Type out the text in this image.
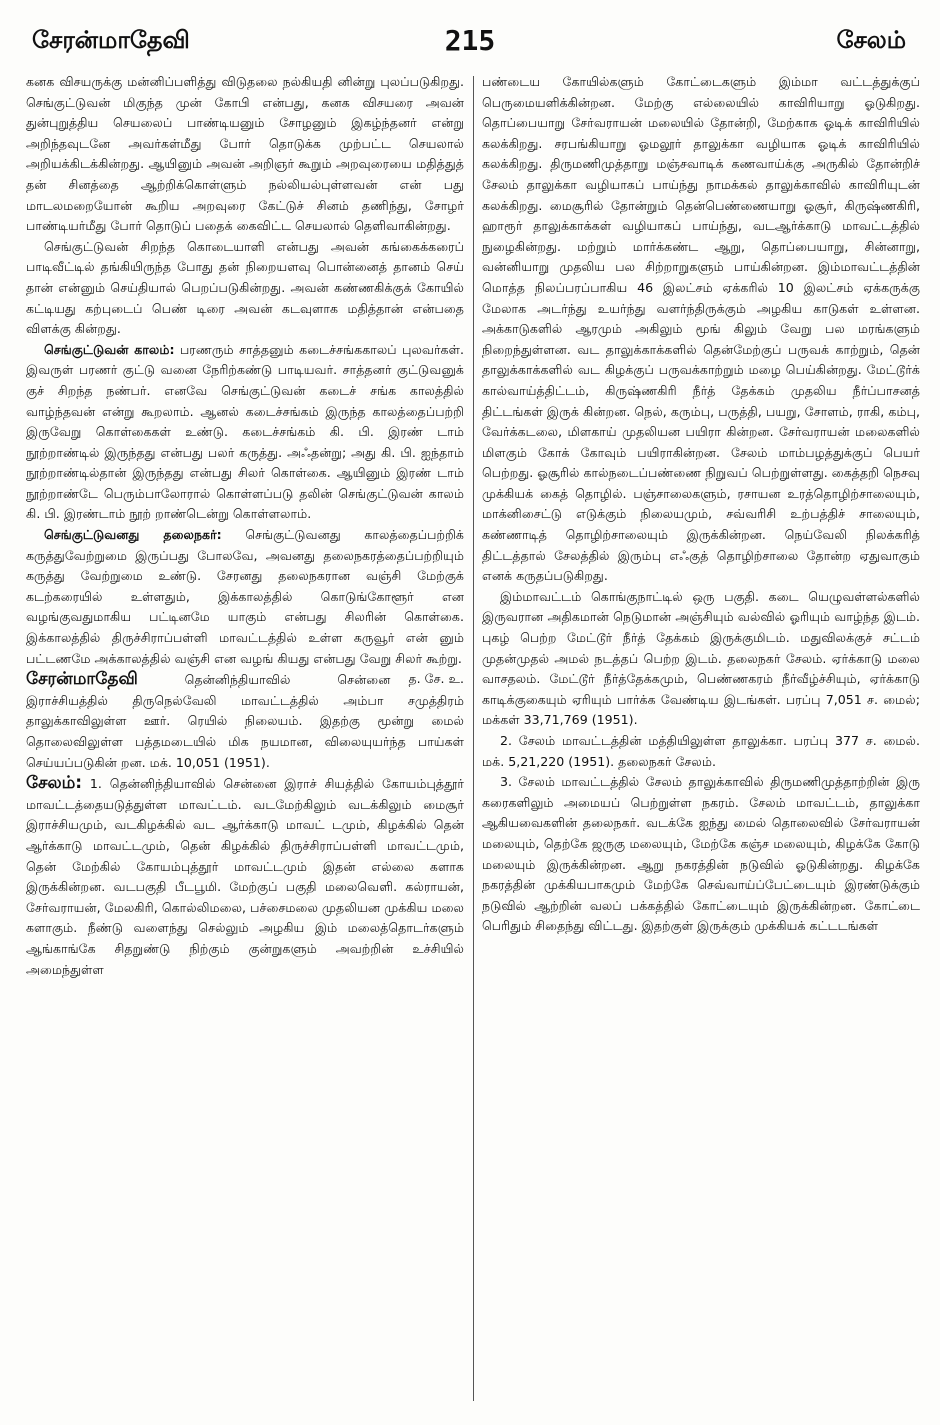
சேரன்மாதேவி	215	சேலம்

கனக விசயருக்கு மன்னிப்பளித்து விடுதலை நல்கியதி னின்று புலப்படுகிறது. செங்குட்டுவன் மிகுந்த முன் கோபி என்பது, கனக விசயரை அவன் துன்புறுத்திய செயலைப் பாண்டியனும் சோழனும் இகழ்ந்தனர் என்று அறிந்தவுடனே அவர்கள்மீது போர் தொடுக்க முற்பட்ட செயலால் அறியக்கிடக்கின்றது. ஆயினும் அவன் அறிஞர் கூறும் அறவுரையை மதித்துத் தன் சினத்தை ஆற்றிக்கொள்ளும் நல்லியல்புள்ளவன் என் பது மாடலமறையோன் கூறிய அறவுரை கேட்டுச் சினம் தணிந்து, சோழர் பாண்டியர்மீது போர் தொடுப் பதைக் கைவிட்ட செயலால் தெளிவாகின்றது.

செங்குட்டுவன் சிறந்த கொடையாளி என்பது அவன் கங்கைக்கரைப் பாடிவீட்டில் தங்கியிருந்த போது தன் நிறையளவு பொன்னைத் தானம் செய் தான் என்னும் செய்தியால் பெறப்படுகின்றது. அவன் கண்ணகிக்குக் கோயில் கட்டியது கற்புடைப் பெண் டிரை அவன் கடவுளாக மதித்தான் என்பதை விளக்கு கின்றது.

செங்குட்டுவன் காலம்: பரணரும் சாத்தனும் கடைச்சங்ககாலப் புலவர்கள். இவருள் பரணர் குட்டு வனை நேரிற்கண்டு பாடியவர். சாத்தனர் குட்டுவனுக் குச் சிறந்த நண்பர். எனவே செங்குட்டுவன் கடைச் சங்க காலத்தில் வாழ்ந்தவன் என்று கூறலாம். ஆனல் கடைச்சங்கம் இருந்த காலத்தைப்பற்றி இருவேறு கொள்கைகள் உண்டு. கடைச்சங்கம் கி. பி. இரண் டாம் நூற்றாண்டில் இருந்தது என்பது பலர் கருத்து. அஃதன்று; அது கி. பி. ஐந்தாம் நூற்றாண்டில்தான் இருந்தது என்பது சிலர் கொள்கை. ஆயினும் இரண் டாம் நூற்றாண்டே பெரும்பாலோரால் கொள்ளப்படு தலின் செங்குட்டுவன் காலம் கி. பி. இரண்டாம் நூற் றாண்டென்று கொள்ளலாம்.

செங்குட்டுவனது தலைநகர்: செங்குட்டுவனது காலத்தைப்பற்றிக் கருத்துவேற்றுமை இருப்பது போலவே, அவனது தலைநகரத்தைப்பற்றியும் கருத்து வேற்றுமை உண்டு. சேரனது தலைநகரான வஞ்சி மேற்குக் கடற்கரையில் உள்ளதும், இக்காலத்தில் கொடுங்கோளூர் என வழங்குவதுமாகிய பட்டினமே யாகும் என்பது சிலரின் கொள்கை. இக்காலத்தில் திருச்சிராப்பள்ளி மாவட்டத்தில் உள்ள கருவூர் என் னும் பட்டணமே அக்காலத்தில் வஞ்சி என வழங் கியது என்பது வேறு சிலர் கூற்று.
த. சே. உ.

சேரன்மாதேவி	தென்னிந்தியாவில் சென்னை இராச்சியத்தில் திருநெல்வேலி மாவட்டத்தில் அம்பா சமுத்திரம் தாலுக்காவிலுள்ள ஊர். ரெயில் நிலையம். இதற்கு மூன்று மைல் தொலைவிலுள்ள பத்தமடையில் மிக நயமான, விலையுயர்ந்த பாய்கள் செய்யப்படுகின் றன. மக். 10,051 (1951).

சேலம்: 1. தென்னிந்தியாவில் சென்னை இராச் சியத்தில் கோயம்புத்தூர் மாவட்டத்தையடுத்துள்ள மாவட்டம். வடமேற்கிலும் வடக்கிலும் மைசூர் இராச்சியமும், வடகிழக்கில் வட ஆர்க்காடு மாவட் டமும், கிழக்கில் தென் ஆர்க்காடு மாவட்டமும், தென் கிழக்கில் திருச்சிராப்பள்ளி மாவட்டமும், தென் மேற்கில் கோயம்புத்தூர் மாவட்டமும் இதன் எல்லை களாக இருக்கின்றன. வடபகுதி பீடபூமி. மேற்குப் பகுதி மலைவெளி. கல்ராயன், சேர்வராயன், மேலகிரி, கொல்லிமலை, பச்சைமலை முதலியன முக்கிய மலை களாகும். நீண்டு வளைந்து செல்லும் அழகிய இம் மலைத்தொடர்களும் ஆங்காங்கே சிதறுண்டு நிற்கும் குன்றுகளும் அவற்றின் உச்சியில் அமைந்துள்ள

பண்டைய கோயில்களும் கோட்டைகளும் இம்மா வட்டத்துக்குப் பெருமையளிக்கின்றன. மேற்கு எல்லையில் காவிரியாறு ஓடுகிறது. தொப்பையாறு சேர்வராயன் மலையில் தோன்றி, மேற்காக ஓடிக் காவிரியில் கலக்கிறது. சரபங்கியாறு ஓமலூர் தாலுக்கா வழியாக ஓடிக் காவிரியில் கலக்கிறது. திருமணிமுத்தாறு மஞ்சவாடிக் கணவாய்க்கு அருகில் தோன்றிச் சேலம் தாலுக்கா வழியாகப் பாய்ந்து நாமக்கல் தாலுக்காவில் காவிரியுடன் கலக்கிறது. மைசூரில் தோன்றும் தென்பெண்ணையாறு ஓசூர், கிருஷ்ணகிரி, ஹாரூர் தாலுக்காக்கள் வழியாகப் பாய்ந்து, வடஆர்க்காடு மாவட்டத்தில் நுழைகின்றது. மற்றும் மார்க்கண்ட ஆறு, தொப்பையாறு, சின்னாறு, வன்னியாறு முதலிய பல சிற்றாறுகளும் பாய்கின்றன. இம்மாவட்டத்தின் மொத்த நிலப்பரப்பாகிய 46 இலட்சம் ஏக்கரில் 10 இலட்சம் ஏக்கருக்கு மேலாக அடர்ந்து உயர்ந்து வளர்ந்திருக்கும் அழகிய காடுகள் உள்ளன. அக்காடுகளில் ஆரமும் அகிலும் மூங் கிலும் வேறு பல மரங்களும் நிறைந்துள்ளன. வட தாலுக்காக்களில் தென்மேற்குப் பருவக் காற்றும், தென் தாலுக்காக்களில் வட கிழக்குப் பருவக்காற்றும் மழை பெய்கின்றது. மேட்டூர்க் கால்வாய்த்திட்டம், கிருஷ்ணகிரி நீர்த் தேக்கம் முதலிய நீர்ப்பாசனத் திட்டங்கள் இருக் கின்றன. நெல், கரும்பு, பருத்தி, பயறு, சோளம், ராகி, கம்பு, வேர்க்கடலை, மிளகாய் முதலியன பயிரா கின்றன. சேர்வராயன் மலைகளில் மிளகும் கோக் கோவும் பயிராகின்றன. சேலம் மாம்பழத்துக்குப் பெயர் பெற்றது. ஓசூரில் கால்நடைப்பண்ணை நிறுவப் பெற்றுள்ளது. கைத்தறி நெசவு முக்கியக் கைத் தொழில். பஞ்சாலைகளும், ரசாயன உரத்தொழிற்சாலையும், மாக்னிசைட்டு எடுக்கும் நிலையமும், சவ்வரிசி உற்பத்திச் சாலையும், கண்ணாடித் தொழிற்சாலையும் இருக்கின்றன. நெய்வேலி நிலக்கரித் திட்டத்தால் சேலத்தில் இரும்பு எஃகுத் தொழிற்சாலை தோன்ற ஏதுவாகும் எனக் கருதப்படுகிறது.

இம்மாவட்டம் கொங்குநாட்டில் ஒரு பகுதி. கடை யெழுவள்ளல்களில் இருவரான அதிகமான் நெடுமான் அஞ்சியும் வல்வில் ஓரியும் வாழ்ந்த இடம். புகழ் பெற்ற மேட்டூர் நீர்த் தேக்கம் இருக்குமிடம். மதுவிலக்குச் சட்டம் முதன்முதல் அமல் நடத்தப் பெற்ற இடம். தலைநகர் சேலம். ஏர்க்காடு மலை வாசதலம். மேட்டூர் நீர்த்தேக்கமும், பெண்ணகரம் நீர்வீழ்ச்சியும், ஏர்க்காடு காடிக்குகையும் ஏரியும் பார்க்க வேண்டிய இடங்கள். பரப்பு 7,051 ச. மைல்; மக்கள் 33,71,769 (1951).

2. சேலம் மாவட்டத்தின் மத்தியிலுள்ள தாலுக்கா. பரப்பு 377 ச. மைல். மக். 5,21,220 (1951). தலைநகர் சேலம்.

3. சேலம் மாவட்டத்தில் சேலம் தாலுக்காவில் திருமணிமுத்தாற்றின் இரு கரைகளிலும் அமையப் பெற்றுள்ள நகரம். சேலம் மாவட்டம், தாலுக்கா ஆகியவைகளின் தலைநகர். வடக்கே ஐந்து மைல் தொலைவில் சேர்வராயன் மலையும், தெற்கே ஜருகு மலையும், மேற்கே கஞ்ச மலையும், கிழக்கே கோடு மலையும் இருக்கின்றன. ஆறு நகரத்தின் நடுவில் ஓடுகின்றது. கிழக்கே நகரத்தின் முக்கியபாகமும் மேற்கே செவ்வாய்ப்பேட்டையும் இரண்டுக்கும் நடுவில் ஆற்றின் வலப் பக்கத்தில் கோட்டையும் இருக்கின்றன. கோட்டை பெரிதும் சிதைந்து விட்டது. இதற்குள் இருக்கும் முக்கியக் கட்டடங்கள்
